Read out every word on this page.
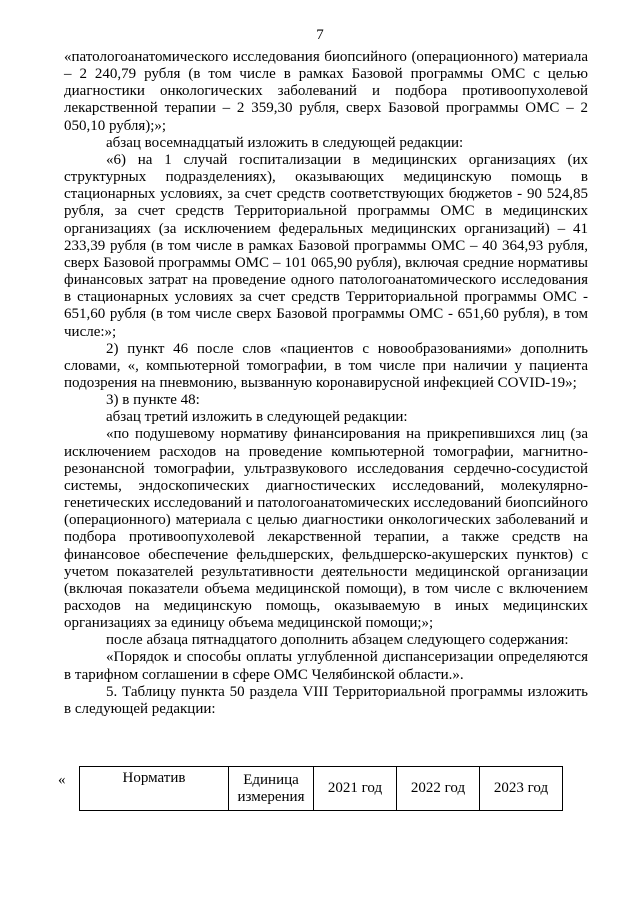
7

«патологоанатомического исследования биопсийного (операционного) материала – 2 240,79 рубля (в том числе в рамках Базовой программы ОМС с целью диагностики онкологических заболеваний и подбора противоопухолевой лекарственной терапии – 2 359,30 рубля, сверх Базовой программы ОМС – 2 050,10 рубля);»;

абзац восемнадцатый изложить в следующей редакции:

«6) на 1 случай госпитализации в медицинских организациях (их структурных подразделениях), оказывающих медицинскую помощь в стационарных условиях, за счет средств соответствующих бюджетов - 90 524,85 рубля, за счет средств Территориальной программы ОМС в медицинских организациях (за исключением федеральных медицинских организаций) – 41 233,39 рубля (в том числе в рамках Базовой программы ОМС – 40 364,93 рубля, сверх Базовой программы ОМС – 101 065,90 рубля), включая средние нормативы финансовых затрат на проведение одного патологоанатомического исследования в стационарных условиях за счет средств Территориальной программы ОМС - 651,60 рубля (в том числе сверх Базовой программы ОМС - 651,60 рубля), в том числе:»;

2) пункт 46 после слов «пациентов с новообразованиями» дополнить словами, «, компьютерной томографии, в том числе при наличии у пациента подозрения на пневмонию, вызванную коронавирусной инфекцией COVID-19»;

3) в пункте 48:

абзац третий изложить в следующей редакции:

«по подушевому нормативу финансирования на прикрепившихся лиц (за исключением расходов на проведение компьютерной томографии, магнитно-резонансной томографии, ультразвукового исследования сердечно-сосудистой системы, эндоскопических диагностических исследований, молекулярно-генетических исследований и патологоанатомических исследований биопсийного (операционного) материала с целью диагностики онкологических заболеваний и подбора противоопухолевой лекарственной терапии, а также средств на финансовое обеспечение фельдшерских, фельдшерско-акушерских пунктов) с учетом показателей результативности деятельности медицинской организации (включая показатели объема медицинской помощи), в том числе с включением расходов на медицинскую помощь, оказываемую в иных медицинских организациях за единицу объема медицинской помощи;»;

после абзаца пятнадцатого дополнить абзацем следующего содержания:

«Порядок и способы оплаты углубленной диспансеризации определяются в тарифном соглашении в сфере ОМС Челябинской области.».

5. Таблицу пункта 50 раздела VIII Территориальной программы изложить в следующей редакции:

«	Норматив	Единица измерения	2021 год	2022 год	2023 год
